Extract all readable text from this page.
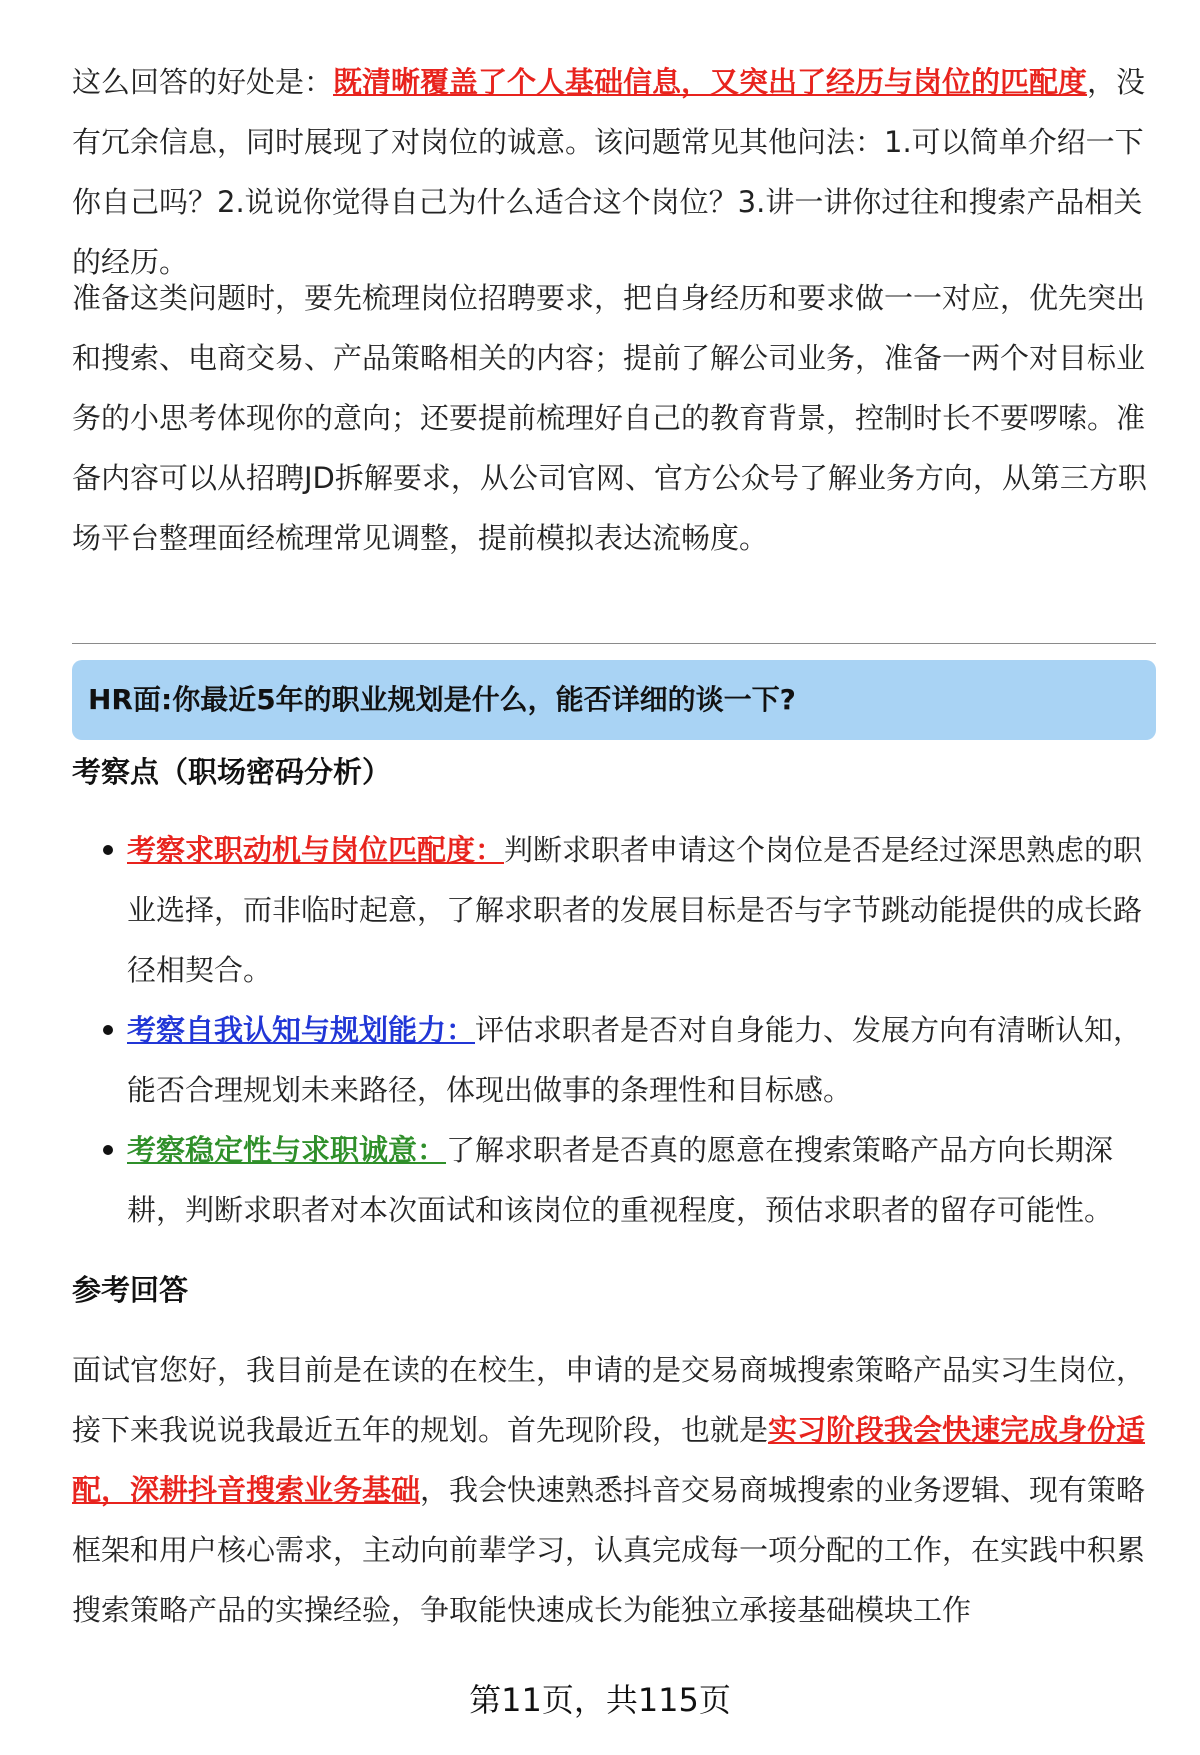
这么回答的好处是：既清晰覆盖了个人基础信息，又突出了经历与岗位的匹配度，没有冗余信息，同时展现了对岗位的诚意。该问题常见其他问法：1.可以简单介绍一下你自己吗？2.说说你觉得自己为什么适合这个岗位？3.讲一讲你过往和搜索产品相关的经历。

准备这类问题时，要先梳理岗位招聘要求，把自身经历和要求做一一对应，优先突出和搜索、电商交易、产品策略相关的内容；提前了解公司业务，准备一两个对目标业务的小思考体现你的意向；还要提前梳理好自己的教育背景，控制时长不要啰嗦。准备内容可以从招聘JD拆解要求，从公司官网、官方公众号了解业务方向，从第三方职场平台整理面经梳理常见调整，提前模拟表达流畅度。

HR面:你最近5年的职业规划是什么，能否详细的谈一下?
考察点（职场密码分析）
考察求职动机与岗位匹配度：判断求职者申请这个岗位是否是经过深思熟虑的职业选择，而非临时起意，了解求职者的发展目标是否与字节跳动能提供的成长路径相契合。
考察自我认知与规划能力：评估求职者是否对自身能力、发展方向有清晰认知，能否合理规划未来路径，体现出做事的条理性和目标感。
考察稳定性与求职诚意：了解求职者是否真的愿意在搜索策略产品方向长期深耕，判断求职者对本次面试和该岗位的重视程度，预估求职者的留存可能性。
参考回答

面试官您好，我目前是在读的在校生，申请的是交易商城搜索策略产品实习生岗位，接下来我说说我最近五年的规划。首先现阶段，也就是实习阶段我会快速完成身份适配，深耕抖音搜索业务基础，我会快速熟悉抖音交易商城搜索的业务逻辑、现有策略框架和用户核心需求，主动向前辈学习，认真完成每一项分配的工作，在实践中积累搜索策略产品的实操经验，争取能快速成长为能独立承接基础模块工作

第11页，共115页
